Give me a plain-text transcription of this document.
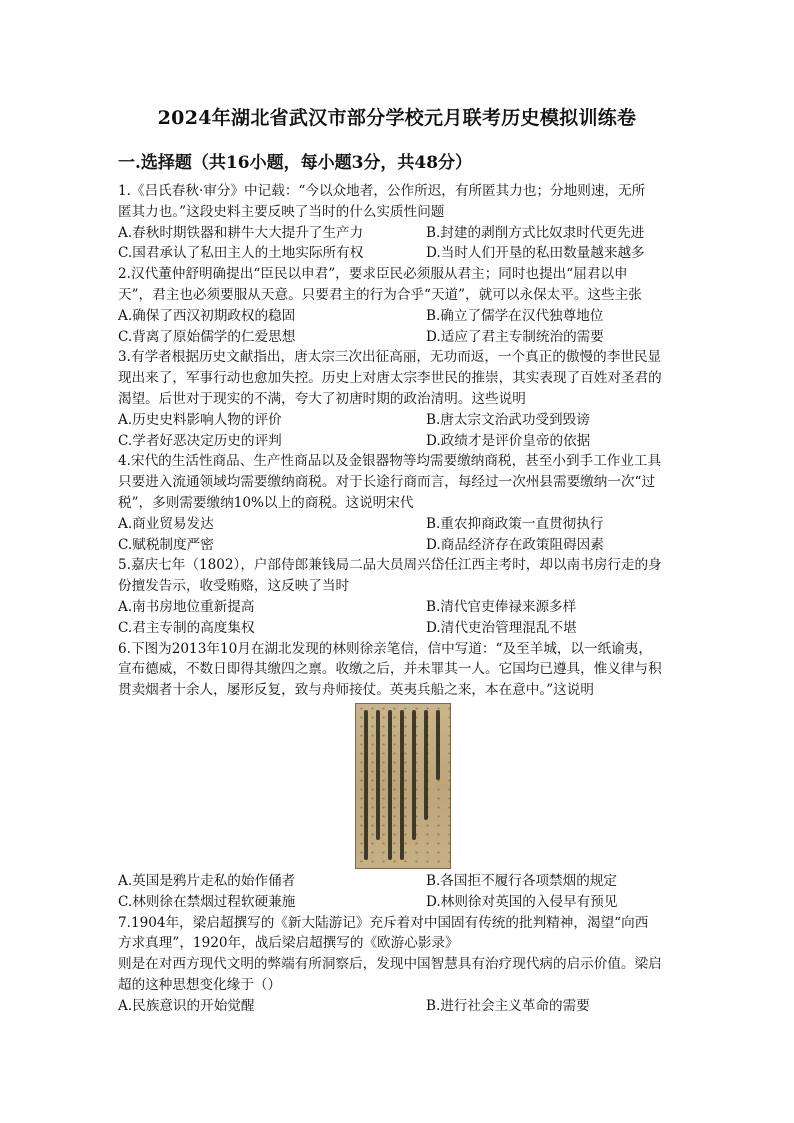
2024年湖北省武汉市部分学校元月联考历史模拟训练卷
一.选择题（共16小题，每小题3分，共48分）
1.《吕氏春秋·审分》中记载：“今以众地者，公作所迟，有所匿其力也；分地则速，无所
匿其力也。”这段史料主要反映了当时的什么实质性问题
A.春秋时期铁器和耕牛大大提升了生产力	B.封建的剥削方式比奴隶时代更先进
C.国君承认了私田主人的土地实际所有权	D.当时人们开垦的私田数量越来越多
2.汉代董仲舒明确提出“臣民以申君”，要求臣民必须服从君主；同时也提出“屈君以申
天”，君主也必须要服从天意。只要君主的行为合乎“天道”，就可以永保太平。这些主张
A.确保了西汉初期政权的稳固	B.确立了儒学在汉代独尊地位
C.背离了原始儒学的仁爱思想	D.适应了君主专制统治的需要
3.有学者根据历史文献指出，唐太宗三次出征高丽，无功而返，一个真正的傲慢的李世民显
现出来了，军事行动也愈加失控。历史上对唐太宗李世民的推崇，其实表现了百姓对圣君的
渴望。后世对于现实的不满，夸大了初唐时期的政治清明。这些说明
A.历史史料影响人物的评价	B.唐太宗文治武功受到毁谤
C.学者好恶决定历史的评判	D.政绩才是评价皇帝的依据
4.宋代的生活性商品、生产性商品以及金银器物等均需要缴纳商税，甚至小到手工作业工具
只要进入流通领域均需要缴纳商税。对于长途行商而言，每经过一次州县需要缴纳一次“过
税”，多则需要缴纳10%以上的商税。这说明宋代
A.商业贸易发达	B.重农抑商政策一直贯彻执行
C.赋税制度严密	D.商品经济存在政策阻碍因素
5.嘉庆七年（1802），户部侍郎兼钱局二品大员周兴岱任江西主考时，却以南书房行走的身
份擅发告示，收受贿赂，这反映了当时
A.南书房地位重新提高	B.清代官吏俸禄来源多样
C.君主专制的高度集权	D.清代吏治管理混乱不堪
6.下图为2013年10月在湖北发现的林则徐亲笔信，信中写道：“及至羊城，以一纸谕夷，
宣布德威，不数日即得其缴四之禀。收缴之后，并未罪其一人。它国均已遵具，惟义律与积
贯卖烟者十余人，屡形反复，致与舟师接仗。英夷兵船之来，本在意中。”这说明
A.英国是鸦片走私的始作俑者	B.各国拒不履行各项禁烟的规定
C.林则徐在禁烟过程软硬兼施	D.林则徐对英国的入侵早有预见
7.1904年，梁启超撰写的《新大陆游记》充斥着对中国固有传统的批判精神，渴望“向西
方求真理”，1920年，战后梁启超撰写的《欧游心影录》
则是在对西方现代文明的弊端有所洞察后，发现中国智慧具有治疗现代病的启示价值。梁启
超的这种思想变化缘于（）
A.民族意识的开始觉醒	B.进行社会主义革命的需要
